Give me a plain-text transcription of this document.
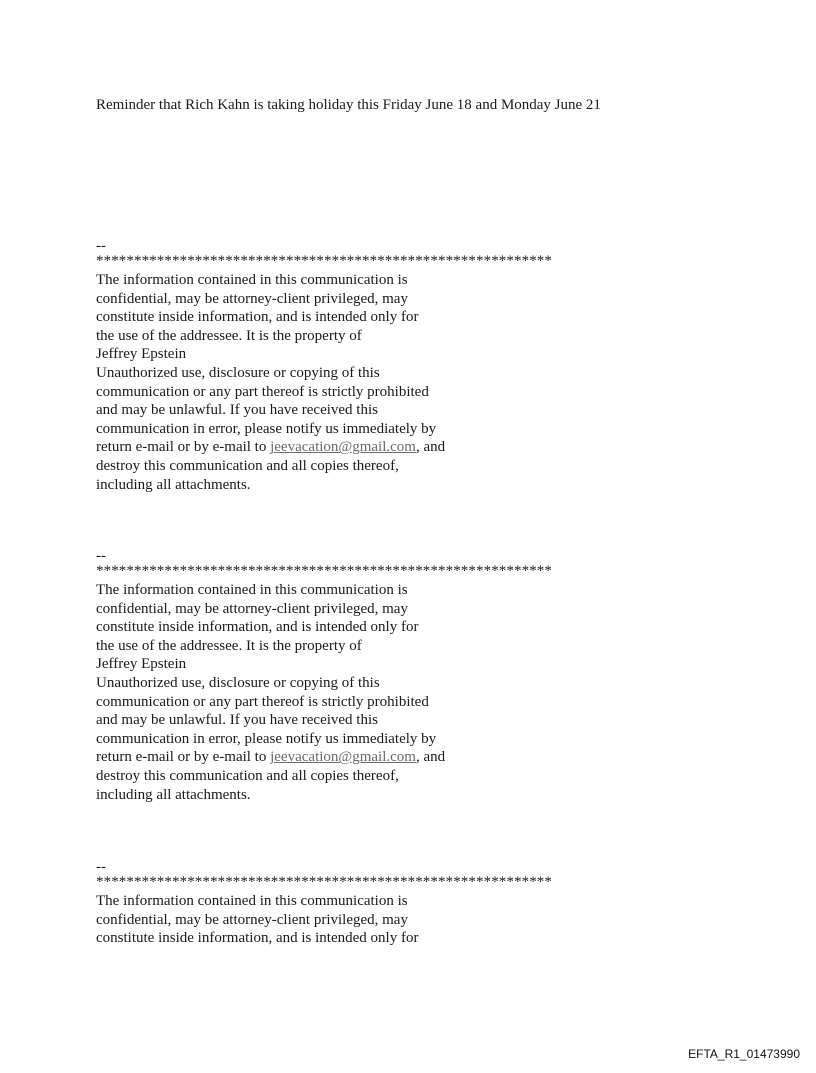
Reminder that Rich Kahn is taking holiday this Friday June 18 and Monday June 21
--
************************************************************
The information contained in this communication is
confidential, may be attorney-client privileged, may
constitute inside information, and is intended only for
the use of the addressee. It is the property of
Jeffrey Epstein
Unauthorized use, disclosure or copying of this
communication or any part thereof is strictly prohibited
and may be unlawful. If you have received this
communication in error, please notify us immediately by
return e-mail or by e-mail to jeevacation@gmail.com, and
destroy this communication and all copies thereof,
including all attachments.
--
************************************************************
The information contained in this communication is
confidential, may be attorney-client privileged, may
constitute inside information, and is intended only for
the use of the addressee. It is the property of
Jeffrey Epstein
Unauthorized use, disclosure or copying of this
communication or any part thereof is strictly prohibited
and may be unlawful. If you have received this
communication in error, please notify us immediately by
return e-mail or by e-mail to jeevacation@gmail.com, and
destroy this communication and all copies thereof,
including all attachments.
--
************************************************************
The information contained in this communication is
confidential, may be attorney-client privileged, may
constitute inside information, and is intended only for
EFTA_R1_01473990
